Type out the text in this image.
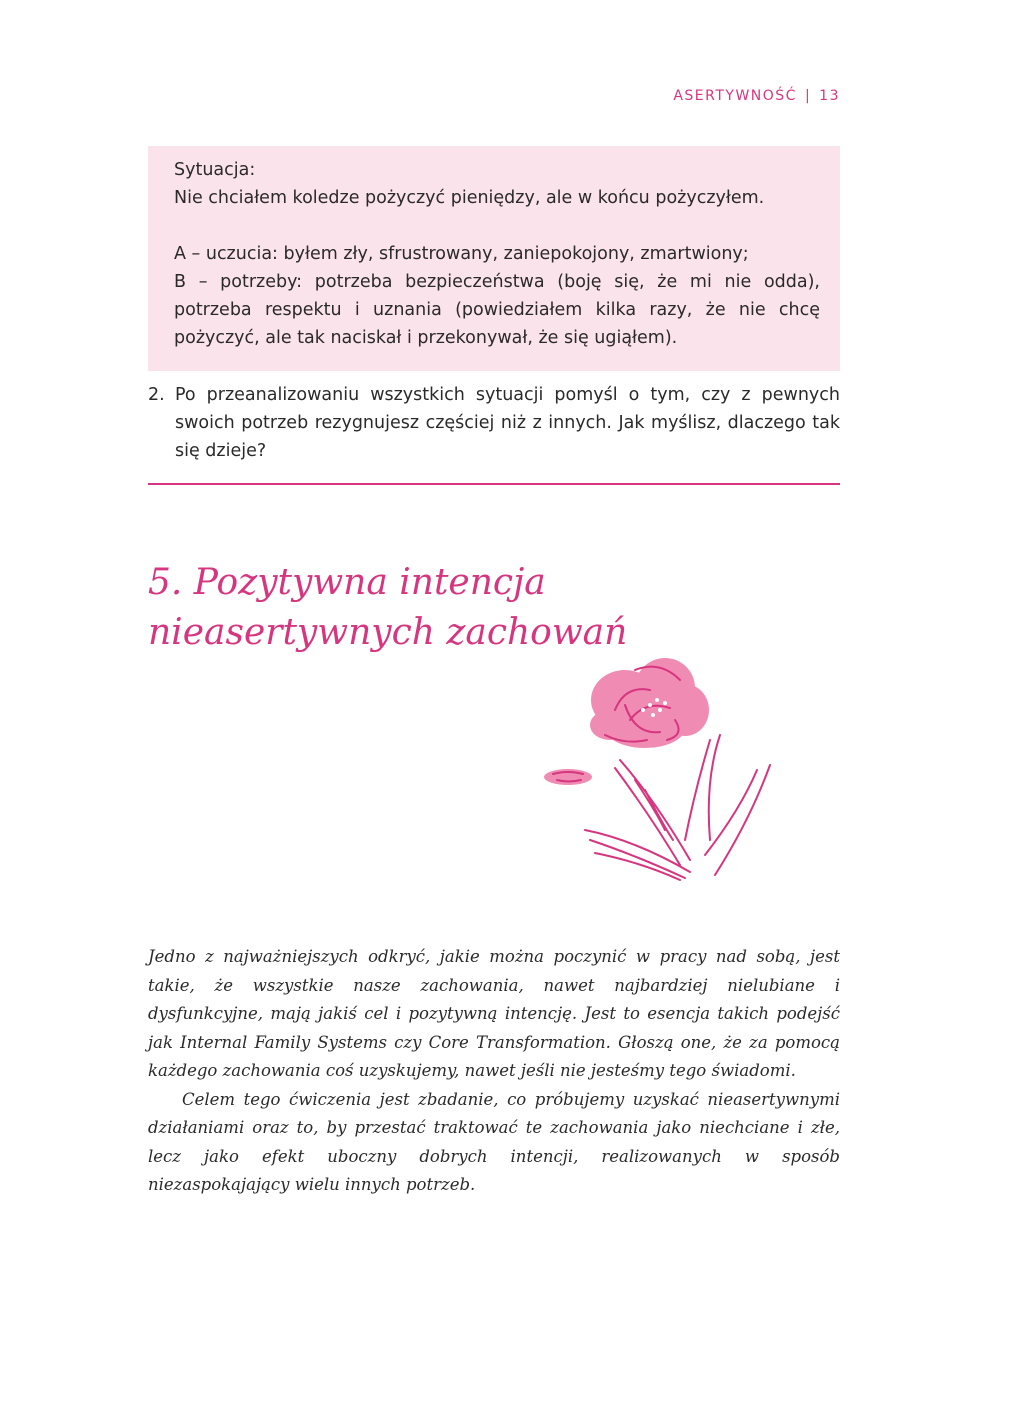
ASERTYWNOŚĆ | 13

Sytuacja:

Nie chciałem koledze pożyczyć pieniędzy, ale w końcu pożyczyłem.

A – uczucia: byłem zły, sfrustrowany, zaniepokojony, zmartwiony;

B – potrzeby: potrzeba bezpieczeństwa (boję się, że mi nie odda), potrzeba respektu i uznania (powiedziałem kilka razy, że nie chcę pożyczyć, ale tak naciskał i przekonywał, że się ugiąłem).

2. Po przeanalizowaniu wszystkich sytuacji pomyśl o tym, czy z pewnych swoich potrzeb rezygnujesz częściej niż z innych. Jak myślisz, dlaczego tak się dzieje?
5. Pozytywna intencja nieasertywnych zachowań

Jedno z najważniejszych odkryć, jakie można poczynić w pracy nad sobą, jest takie, że wszystkie nasze zachowania, nawet najbardziej nielubiane i dysfunkcyjne, mają jakiś cel i pozytywną intencję. Jest to esencja takich podejść jak Internal Family Systems czy Core Transformation. Głoszą one, że za pomocą każdego zachowania coś uzyskujemy, nawet jeśli nie jesteśmy tego świadomi.

Celem tego ćwiczenia jest zbadanie, co próbujemy uzyskać nieasertywnymi działaniami oraz to, by przestać traktować te zachowania jako niechciane i złe, lecz jako efekt uboczny dobrych intencji, realizowanych w sposób niezaspokajający wielu innych potrzeb.
